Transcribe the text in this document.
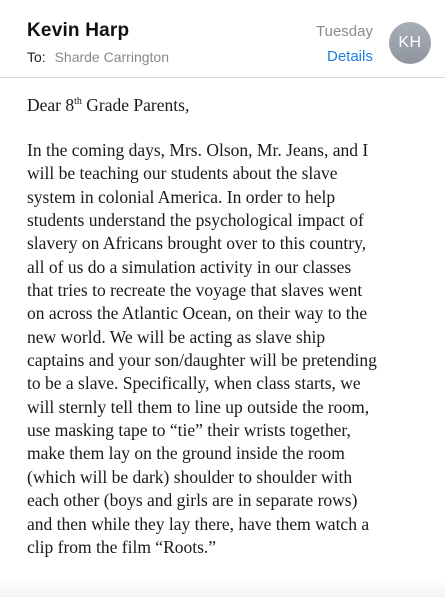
Kevin Harp
To: Sharde Carrington
Tuesday
Details
KH
Dear 8th Grade Parents,
In the coming days, Mrs. Olson, Mr. Jeans, and I
will be teaching our students about the slave
system in colonial America. In order to help
students understand the psychological impact of
slavery on Africans brought over to this country,
all of us do a simulation activity in our classes
that tries to recreate the voyage that slaves went
on across the Atlantic Ocean, on their way to the
new world. We will be acting as slave ship
captains and your son/daughter will be pretending
to be a slave. Specifically, when class starts, we
will sternly tell them to line up outside the room,
use masking tape to “tie” their wrists together,
make them lay on the ground inside the room
(which will be dark) shoulder to shoulder with
each other (boys and girls are in separate rows)
and then while they lay there, have them watch a
clip from the film “Roots.”
